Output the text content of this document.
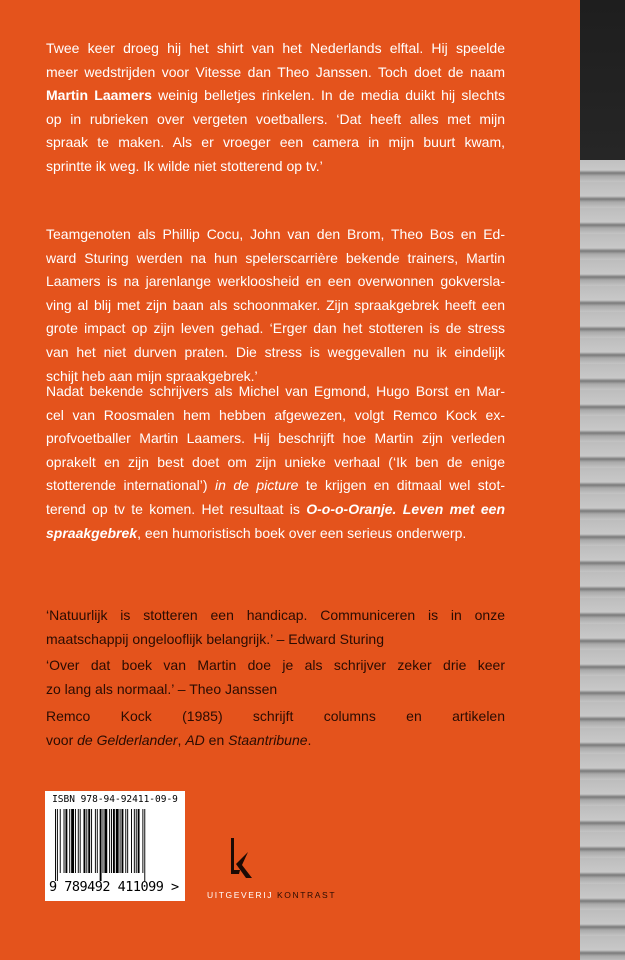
Twee keer droeg hij het shirt van het Nederlands elftal. Hij speelde
meer wedstrijden voor Vitesse dan Theo Janssen. Toch doet de naam
Martin Laamers weinig belletjes rinkelen. In de media duikt hij slechts
op in rubrieken over vergeten voetballers. ‘Dat heeft alles met mijn
spraak te maken. Als er vroeger een camera in mijn buurt kwam,
sprintte ik weg. Ik wilde niet stotterend op tv.’
Teamgenoten als Phillip Cocu, John van den Brom, Theo Bos en Ed-
ward Sturing werden na hun spelerscarrière bekende trainers, Martin
Laamers is na jarenlange werkloosheid en een overwonnen gokversla-
ving al blij met zijn baan als schoonmaker. Zijn spraakgebrek heeft een
grote impact op zijn leven gehad. ‘Erger dan het stotteren is de stress
van het niet durven praten. Die stress is weggevallen nu ik eindelijk
schijt heb aan mijn spraakgebrek.’
Nadat bekende schrijvers als Michel van Egmond, Hugo Borst en Mar-
cel van Roosmalen hem hebben afgewezen, volgt Remco Kock ex-
profvoetballer Martin Laamers. Hij beschrijft hoe Martin zijn verleden
oprakelt en zijn best doet om zijn unieke verhaal (‘Ik ben de enige
stotterende international’) in de picture te krijgen en ditmaal wel stot-
terend op tv te komen. Het resultaat is O-o-o-Oranje. Leven met een
spraakgebrek, een humoristisch boek over een serieus onderwerp.
‘Natuurlijk is stotteren een handicap. Communiceren is in onze
maatschappij ongelooflijk belangrijk.’ – Edward Sturing
‘Over dat boek van Martin doe je als schrijver zeker drie keer
zo lang als normaal.’ – Theo Janssen
Remco Kock (1985) schrijft columns en artikelen
voor de Gelderlander, AD en Staantribune.
ISBN 978-94-92411-09-9
9 789492 411099 >	UITGEVERIJ KONTRAST
